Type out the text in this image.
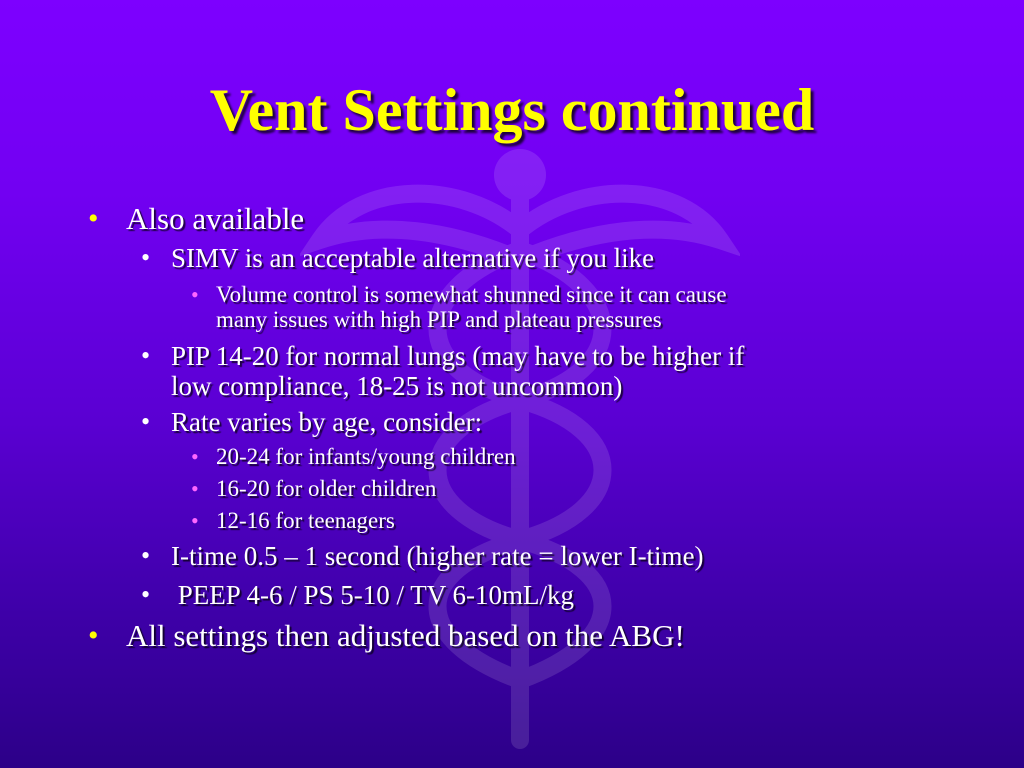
Vent Settings continued
• Also available
• SIMV is an acceptable alternative if you like
• Volume control is somewhat shunned since it can cause
many issues with high PIP and plateau pressures
• PIP 14-20 for normal lungs (may have to be higher if
low compliance, 18-25 is not uncommon)
• Rate varies by age, consider:
• 20-24 for infants/young children
• 16-20 for older children
• 12-16 for teenagers
• I-time 0.5 – 1 second (higher rate = lower I-time)
• PEEP 4-6 / PS 5-10 / TV 6-10mL/kg
• All settings then adjusted based on the ABG!
